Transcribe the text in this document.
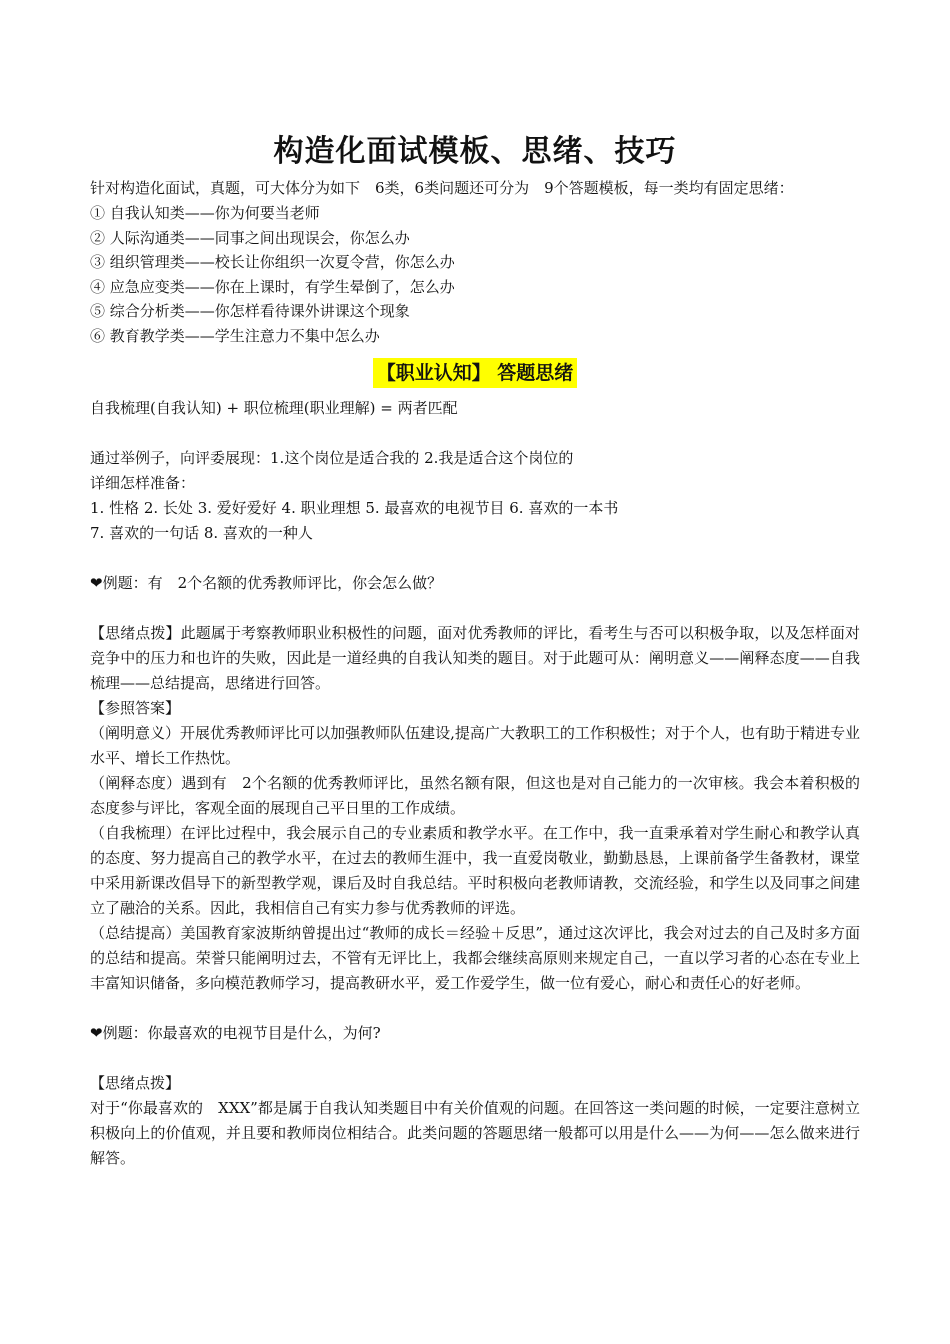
构造化面试模板、思绪、技巧

针对构造化面试，真题，可大体分为如下　6类，6类问题还可分为　9个答题模板，每一类均有固定思绪：

① 自我认知类——你为何要当老师

② 人际沟通类——同事之间出现误会，你怎么办

③ 组织管理类——校长让你组织一次夏令营，你怎么办

④ 应急应变类——你在上课时，有学生晕倒了，怎么办

⑤ 综合分析类——你怎样看待课外讲课这个现象

⑥ 教育教学类——学生注意力不集中怎么办

【职业认知】 答题思绪

自我梳理(自我认知) + 职位梳理(职业理解) = 两者匹配

通过举例子，向评委展现：1.这个岗位是适合我的 2.我是适合这个岗位的

详细怎样准备：

1. 性格 2. 长处 3. 爱好爱好 4. 职业理想 5. 最喜欢的电视节目 6. 喜欢的一本书

7. 喜欢的一句话 8. 喜欢的一种人

❤例题：有　2个名额的优秀教师评比，你会怎么做？

【思绪点拨】此题属于考察教师职业积极性的问题，面对优秀教师的评比，看考生与否可以积极争取，以及怎样面对竞争中的压力和也许的失败，因此是一道经典的自我认知类的题目。对于此题可从：阐明意义——阐释态度——自我梳理——总结提高，思绪进行回答。

【参照答案】

（阐明意义）开展优秀教师评比可以加强教师队伍建设,提高广大教职工的工作积极性；对于个人，也有助于精进专业水平、增长工作热忱。

（阐释态度）遇到有　2个名额的优秀教师评比，虽然名额有限，但这也是对自己能力的一次审核。我会本着积极的态度参与评比，客观全面的展现自己平日里的工作成绩。

（自我梳理）在评比过程中，我会展示自己的专业素质和教学水平。在工作中，我一直秉承着对学生耐心和教学认真的态度、努力提高自己的教学水平，在过去的教师生涯中，我一直爱岗敬业，勤勤恳恳，上课前备学生备教材，课堂中采用新课改倡导下的新型教学观，课后及时自我总结。平时积极向老教师请教，交流经验，和学生以及同事之间建立了融洽的关系。因此，我相信自己有实力参与优秀教师的评选。

（总结提高）美国教育家波斯纳曾提出过“教师的成长＝经验＋反思”，通过这次评比，我会对过去的自己及时多方面的总结和提高。荣誉只能阐明过去，不管有无评比上，我都会继续高原则来规定自己，一直以学习者的心态在专业上丰富知识储备，多向模范教师学习，提高教研水平，爱工作爱学生，做一位有爱心，耐心和责任心的好老师。

❤例题：你最喜欢的电视节目是什么，为何?

【思绪点拨】

对于“你最喜欢的　XXX”都是属于自我认知类题目中有关价值观的问题。在回答这一类问题的时候，一定要注意树立积极向上的价值观，并且要和教师岗位相结合。此类问题的答题思绪一般都可以用是什么——为何——怎么做来进行解答。
